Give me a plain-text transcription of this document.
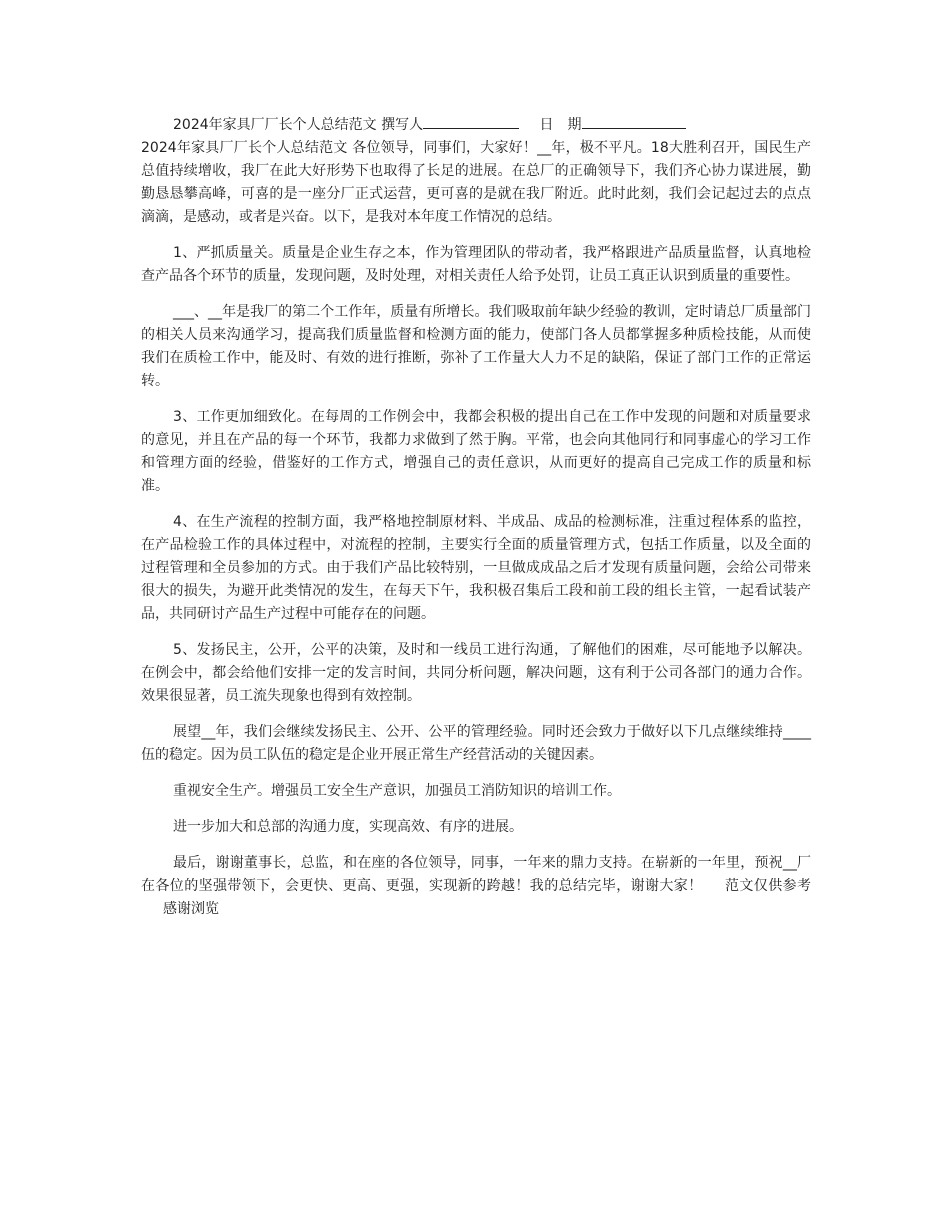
2024年家具厂厂长个人总结范文 撰写人	日　期

2024年家具厂厂长个人总结范文 各位领导，同事们，大家好！__年，极不平凡。18大胜利召开，国民生产总值持续增收，我厂在此大好形势下也取得了长足的进展。在总厂的正确领导下，我们齐心协力谋进展，勤勤恳恳攀高峰，可喜的是一座分厂正式运营，更可喜的是就在我厂附近。此时此刻，我们会记起过去的点点滴滴，是感动，或者是兴奋。以下，是我对本年度工作情况的总结。

1、严抓质量关。质量是企业生存之本，作为管理团队的带动者，我严格跟进产品质量监督，认真地检查产品各个环节的质量，发现问题，及时处理，对相关责任人给予处罚，让员工真正认识到质量的重要性。

___、__年是我厂的第二个工作年，质量有所增长。我们吸取前年缺少经验的教训，定时请总厂质量部门的相关人员来沟通学习，提高我们质量监督和检测方面的能力，使部门各人员都掌握多种质检技能，从而使我们在质检工作中，能及时、有效的进行推断，弥补了工作量大人力不足的缺陷，保证了部门工作的正常运转。

3、工作更加细致化。在每周的工作例会中，我都会积极的提出自己在工作中发现的问题和对质量要求的意见，并且在产品的每一个环节，我都力求做到了然于胸。平常，也会向其他同行和同事虚心的学习工作和管理方面的经验，借鉴好的工作方式，增强自己的责任意识，从而更好的提高自己完成工作的质量和标准。

4、在生产流程的控制方面，我严格地控制原材料、半成品、成品的检测标准，注重过程体系的监控，在产品检验工作的具体过程中，对流程的控制，主要实行全面的质量管理方式，包括工作质量，以及全面的过程管理和全员参加的方式。由于我们产品比较特别，一旦做成成品之后才发现有质量问题，会给公司带来很大的损失，为避开此类情况的发生，在每天下午，我积极召集后工段和前工段的组长主管，一起看试装产品，共同研讨产品生产过程中可能存在的问题。

5、发扬民主，公开，公平的决策，及时和一线员工进行沟通，了解他们的困难，尽可能地予以解决。在例会中，都会给他们安排一定的发言时间，共同分析问题，解决问题，这有利于公司各部门的通力合作。效果很显著，员工流失现象也得到有效控制。

展望__年，我们会继续发扬民主、公开、公平的管理经验。同时还会致力于做好以下几点继续维持____伍的稳定。因为员工队伍的稳定是企业开展正常生产经营活动的关键因素。

重视安全生产。增强员工安全生产意识，加强员工消防知识的培训工作。

进一步加大和总部的沟通力度，实现高效、有序的进展。

最后，谢谢董事长，总监，和在座的各位领导，同事，一年来的鼎力支持。在崭新的一年里，预祝__厂在各位的坚强带领下，会更快、更高、更强，实现新的跨越！我的总结完毕，谢谢大家！ 范文仅供参考感谢浏览
